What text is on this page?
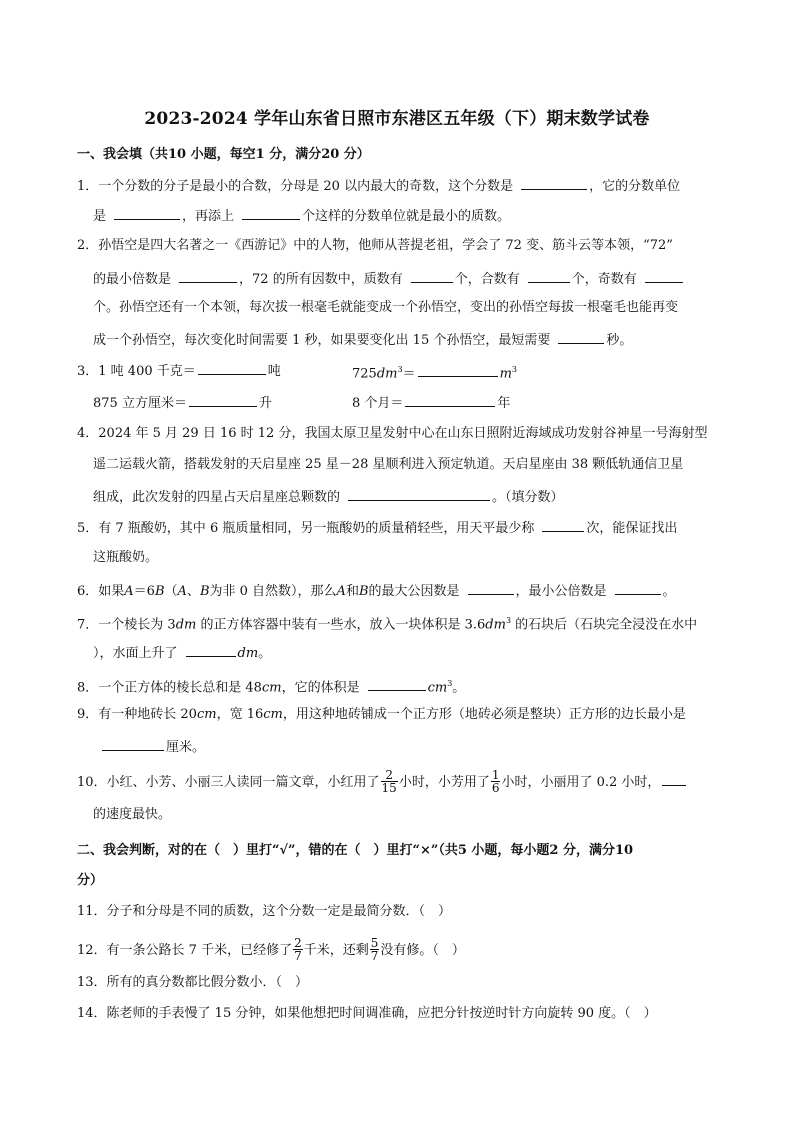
2023-2024 学年山东省日照市东港区五年级（下）期末数学试卷
一、我会填（共10 小题，每空1 分，满分20 分）
1．一个分数的分子是最小的合数，分母是 20 以内最大的奇数，这个分数是	，它的分数单位
是	，再添上	个这样的分数单位就是最小的质数。
2．孙悟空是四大名著之一《西游记》中的人物，他师从菩提老祖，学会了 72 变、筋斗云等本领，“72”
的最小倍数是	，72 的所有因数中，质数有	个，合数有	个，奇数有
个。孙悟空还有一个本领，每次拔一根毫毛就能变成一个孙悟空，变出的孙悟空每拔一根毫毛也能再变
成一个孙悟空，每次变化时间需要 1 秒，如果要变化出 15 个孙悟空，最短需要	秒。
3．1 吨 400 千克＝	吨	$725dm^3=$	$m^3$
875 立方厘米＝	升	8 个月＝	年
4．2024 年 5 月 29 日 16 时 12 分，我国太原卫星发射中心在山东日照附近海域成功发射谷神星一号海射型
遥二运载火箭，搭载发射的天启星座 25 星－28 星顺利进入预定轨道。天启星座由 38 颗低轨通信卫星
组成，此次发射的四星占天启星座总颗数的	。（填分数）
5．有 7 瓶酸奶，其中 6 瓶质量相同，另一瓶酸奶的质量稍轻些，用天平最少称	次，能保证找出
这瓶酸奶。
6．如果A＝6B（A、B为非 0 自然数），那么A和B的最大公因数是	，最小公倍数是	。
7．一个棱长为 3dm 的正方体容器中装有一些水，放入一块体积是 $3.6dm^3$ 的石块后（石块完全浸没在水中
），水面上升了	dm。
8．一个正方体的棱长总和是 48cm，它的体积是	$cm^3$。
9．有一种地砖长 20cm，宽 16cm，用这种地砖铺成一个正方形（地砖必须是整块）正方形的边长最小是
厘米。
10．小红、小芳、小丽三人读同一篇文章，小红用了 $\frac{2}{15}$ 小时，小芳用了 $\frac{1}{6}$ 小时，小丽用了 0.2 小时，
的速度最快。
二、我会判断，对的在（　）里打“√”，错的在（　）里打“×”（共5 小题，每小题2 分，满分10
分）
11．分子和分母是不同的质数，这个分数一定是最简分数．（　）
12．有一条公路长 7 千米，已经修了 $\frac{2}{7}$ 千米，还剩 $\frac{5}{7}$ 没有修。（　）
13．所有的真分数都比假分数小．（　）
14．陈老师的手表慢了 15 分钟，如果他想把时间调准确，应把分针按逆时针方向旋转 90 度。（　）
